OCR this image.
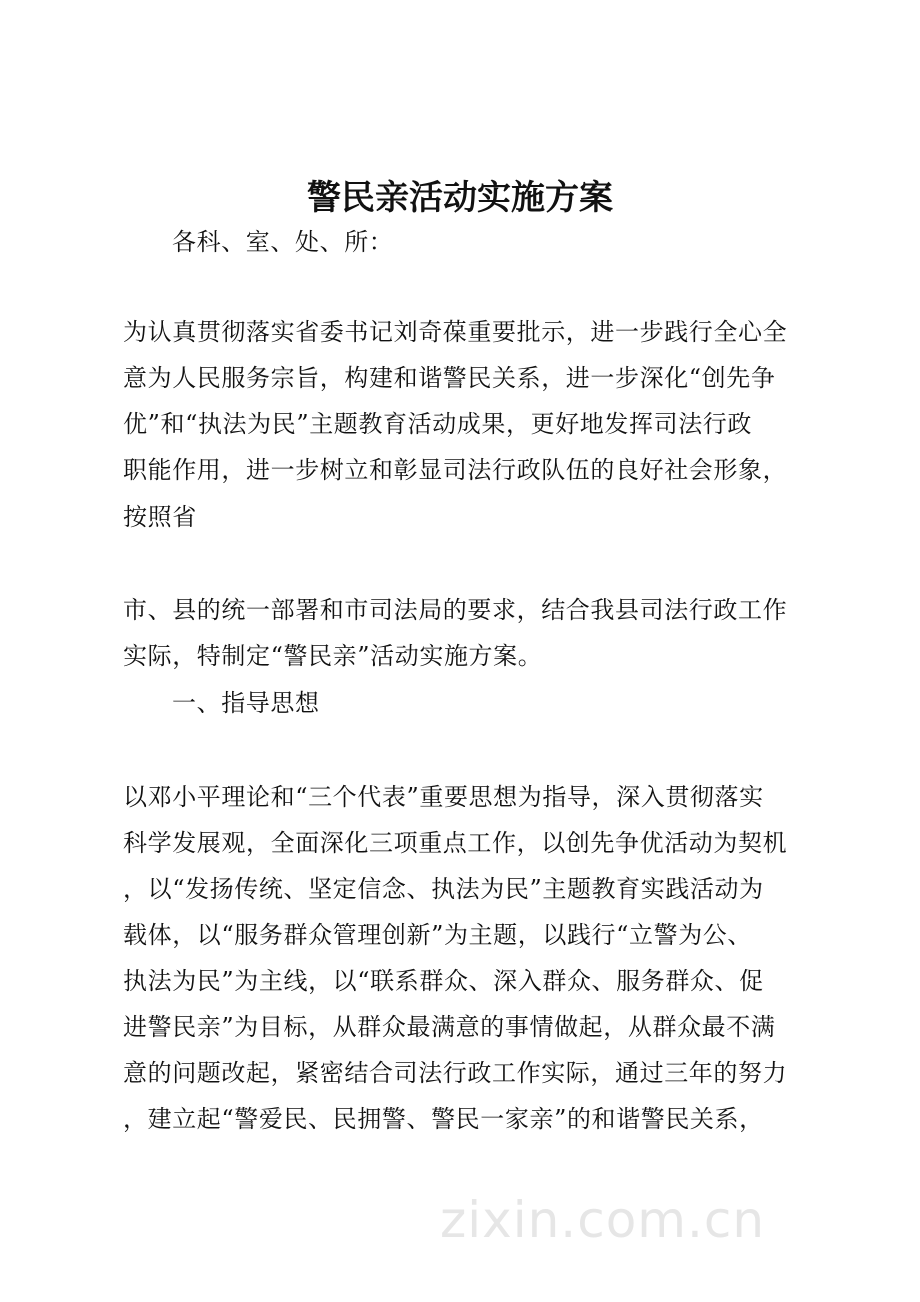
zixin.com.cn
警民亲活动实施方案
各科、室、处、所：
为认真贯彻落实省委书记刘奇葆重要批示，进一步践行全心全
意为人民服务宗旨，构建和谐警民关系，进一步深化“创先争
优”和“执法为民”主题教育活动成果，更好地发挥司法行政
职能作用，进一步树立和彰显司法行政队伍的良好社会形象，
按照省
市、县的统一部署和市司法局的要求，结合我县司法行政工作
实际，特制定“警民亲”活动实施方案。
一、指导思想
以邓小平理论和“三个代表”重要思想为指导，深入贯彻落实
科学发展观，全面深化三项重点工作，以创先争优活动为契机
，以“发扬传统、坚定信念、执法为民”主题教育实践活动为
载体，以“服务群众管理创新”为主题，以践行“立警为公、
执法为民”为主线，以“联系群众、深入群众、服务群众、促
进警民亲”为目标，从群众最满意的事情做起，从群众最不满
意的问题改起，紧密结合司法行政工作实际，通过三年的努力
，建立起“警爱民、民拥警、警民一家亲”的和谐警民关系，
